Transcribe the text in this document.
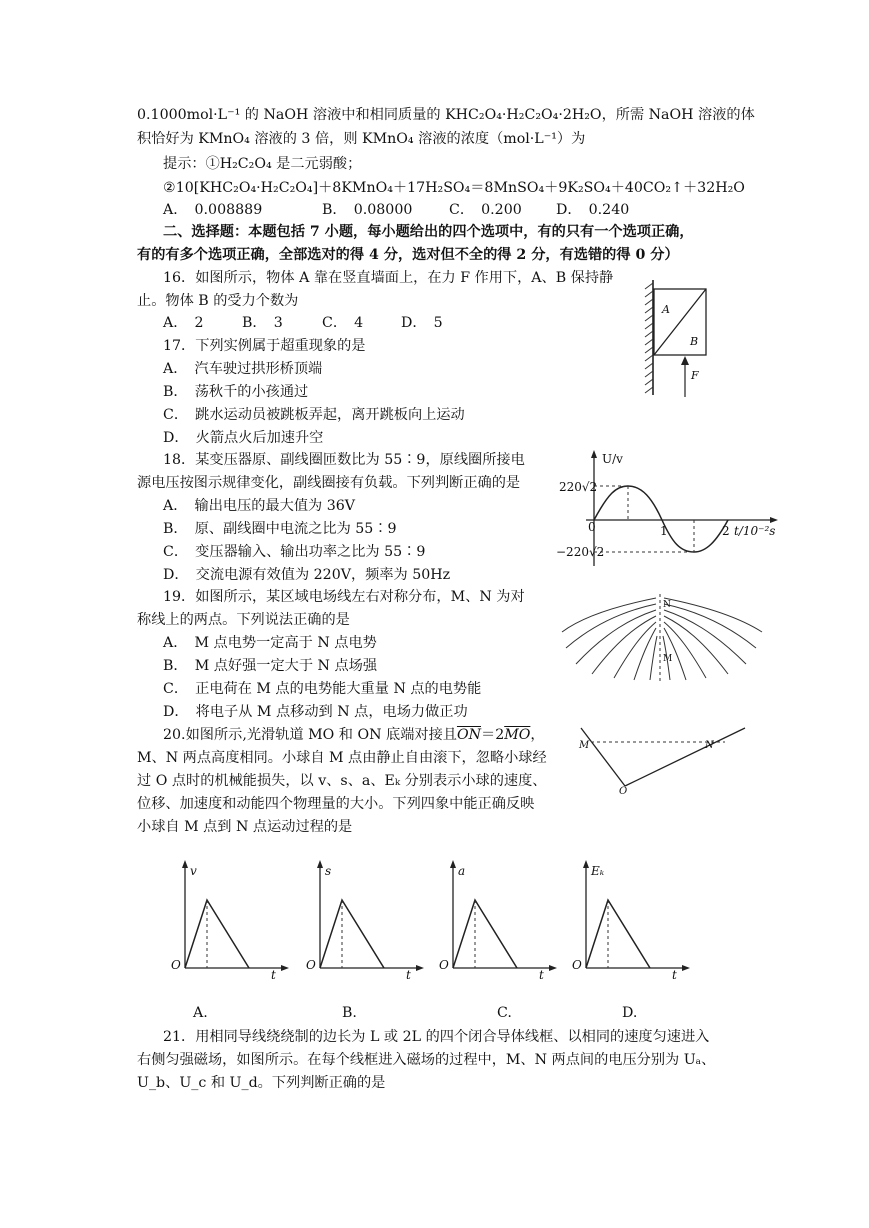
0.1000mol·L⁻¹ 的 NaOH 溶液中和相同质量的 KHC₂O₄·H₂C₂O₄·2H₂O，所需 NaOH 溶液的体
积恰好为 KMnO₄ 溶液的 3 倍，则 KMnO₄ 溶液的浓度（mol·L⁻¹）为
提示：①H₂C₂O₄ 是二元弱酸；
②10[KHC₂O₄·H₂C₂O₄]＋8KMnO₄＋17H₂SO₄＝8MnSO₄＋9K₂SO₄＋40CO₂↑＋32H₂O
A．　0.008889	B．　0.08000	C．　0.200 D．　0.240
二、选择题：本题包括 7 小题，每小题给出的四个选项中，有的只有一个选项正确，
有的有多个选项正确，全部选对的得 4 分，选对但不全的得 2 分，有选错的得 0 分）
16．如图所示，物体 A 靠在竖直墙面上，在力 F 作用下，A、B 保持静
止。物体 B 的受力个数为
A．　2	B．　3	C．　4	D．　5
A
B
F
17．下列实例属于超重现象的是
A．　汽车驶过拱形桥顶端
B．　荡秋千的小孩通过
C．　跳水运动员被跳板弄起，离开跳板向上运动
D．　火箭点火后加速升空
18．某变压器原、副线圈匝数比为 55∶9，原线圈所接电
源电压按图示规律变化，副线圈接有负载。下列判断正确的是
A．　输出电压的最大值为 36V
B．　原、副线圈中电流之比为 55∶9
C．　变压器输入、输出功率之比为 55∶9
D．　交流电源有效值为 220V，频率为 50Hz
U/v
220√2
−220√2
0	1	2 t/10⁻²s
19．如图所示，某区域电场线左右对称分布，M、N 为对
称线上的两点。下列说法正确的是
A．　M 点电势一定高于 N 点电势
B．　M 点好强一定大于 N 点场强
C．　正电荷在 M 点的电势能大重量 N 点的电势能
D．　将电子从 M 点移动到 N 点，电场力做正功
N
M
20.如图所示,光滑轨道 MO 和 ON 底端对接且$\overline{ON}=2\overline{MO}$，
M、N 两点高度相同。小球自 M 点由静止自由滚下，忽略小球经
过 O 点时的机械能损失，以 v、s、a、Eₖ 分别表示小球的速度、
位移、加速度和动能四个物理量的大小。下列四象中能正确反映
小球自 M 点到 N 点运动过程的是
M	N
O
v
O
t
s
O
t
a
O
t
Eₖ
O
t
A.	B.	C.	D.
21．用相同导线绕绕制的边长为 L 或 2L 的四个闭合导体线框、以相同的速度匀速进入
右侧匀强磁场，如图所示。在每个线框进入磁场的过程中，M、N 两点间的电压分别为 Uₐ、
U_b、U_c 和 U_d。下列判断正确的是
